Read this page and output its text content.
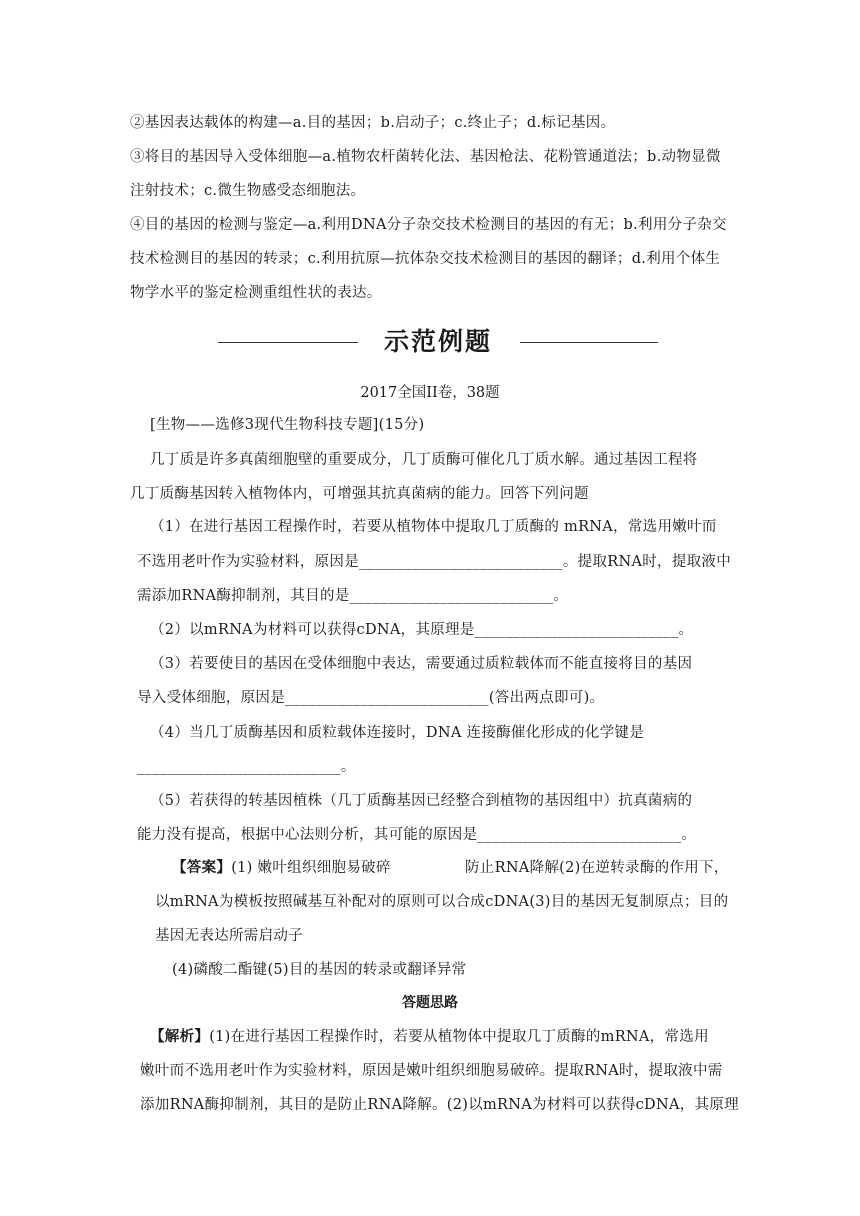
②基因表达载体的构建—a.目的基因；b.启动子；c.终止子；d.标记基因。
③将目的基因导入受体细胞—a.植物农杆菌转化法、基因枪法、花粉管通道法；b.动物显微
注射技术；c.微生物感受态细胞法。
④目的基因的检测与鉴定—a.利用DNA分子杂交技术检测目的基因的有无；b.利用分子杂交
技术检测目的基因的转录；c.利用抗原—抗体杂交技术检测目的基因的翻译；d.利用个体生
物学水平的鉴定检测重组性状的表达。
示范例题
2017全国II卷，38题
[生物——选修3现代生物科技专题](15分)
几丁质是许多真菌细胞壁的重要成分，几丁质酶可催化几丁质水解。通过基因工程将
几丁质酶基因转入植物体内，可增强其抗真菌病的能力。回答下列问题
（1）在进行基因工程操作时，若要从植物体中提取几丁质酶的 mRNA，常选用嫩叶而
不选用老叶作为实验材料，原因是___________________________。提取RNA时，提取液中
需添加RNA酶抑制剂，其目的是___________________________。
（2）以mRNA为材料可以获得cDNA，其原理是___________________________。
（3）若要使目的基因在受体细胞中表达，需要通过质粒载体而不能直接将目的基因
导入受体细胞，原因是___________________________(答出两点即可)。
（4）当几丁质酶基因和质粒载体连接时，DNA 连接酶催化形成的化学键是
___________________________。
（5）若获得的转基因植株（几丁质酶基因已经整合到植物的基因组中）抗真菌病的
能力没有提高，根据中心法则分析，其可能的原因是___________________________。
【答案】(1) 嫩叶组织细胞易破碎	防止RNA降解(2)在逆转录酶的作用下，
以mRNA为模板按照碱基互补配对的原则可以合成cDNA(3)目的基因无复制原点；目的
基因无表达所需启动子
(4)磷酸二酯键(5)目的基因的转录或翻译异常
答题思路
【解析】(1)在进行基因工程操作时，若要从植物体中提取几丁质酶的mRNA，常选用
嫩叶而不选用老叶作为实验材料，原因是嫩叶组织细胞易破碎。提取RNA时，提取液中需
添加RNA酶抑制剂，其目的是防止RNA降解。(2)以mRNA为材料可以获得cDNA，其原理
